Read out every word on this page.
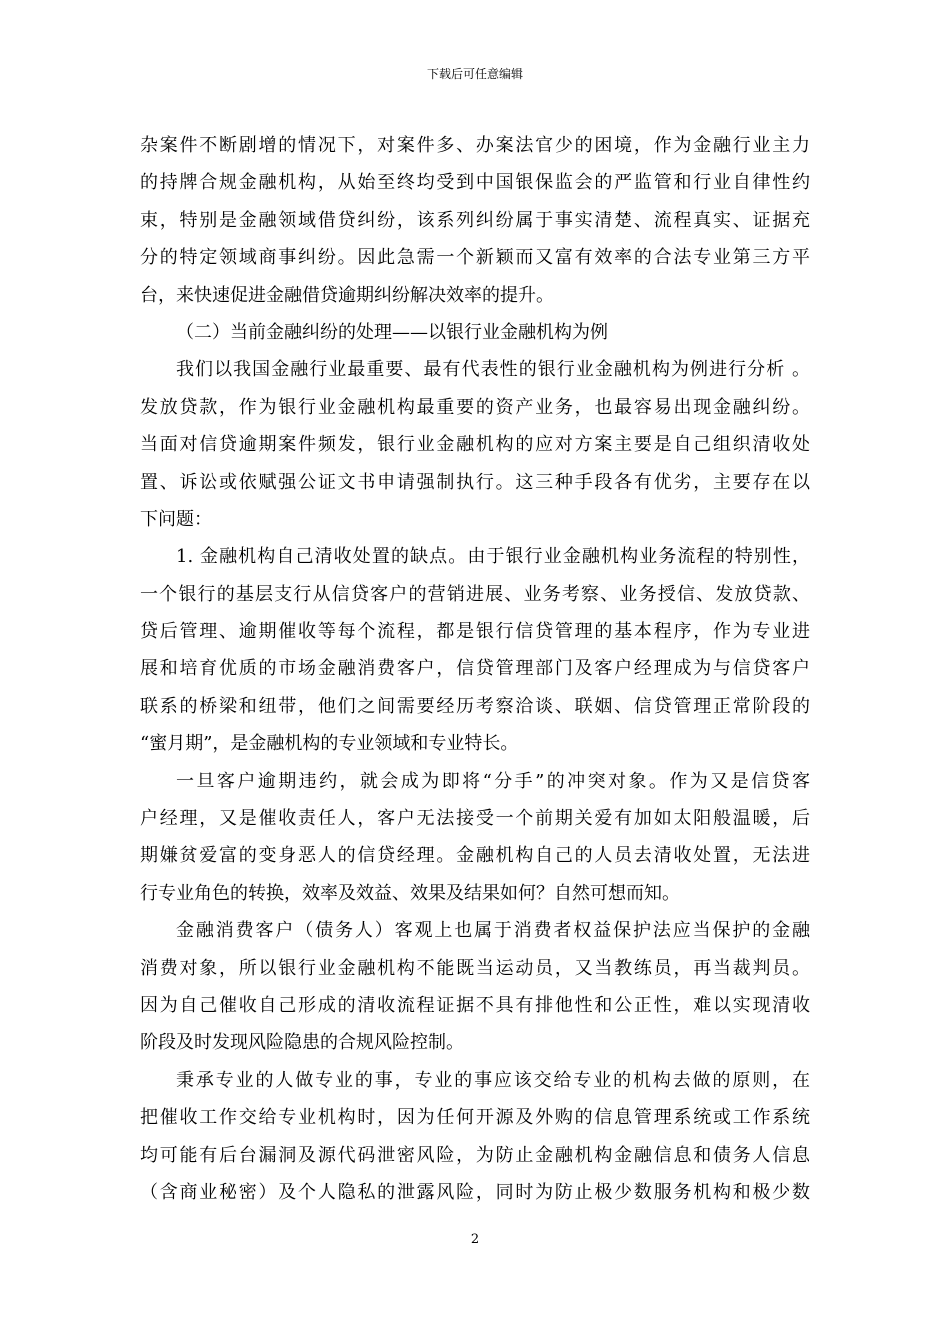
下载后可任意编辑
杂案件不断剧增的情况下，对案件多、办案法官少的困境，作为金融行业主力
的持牌合规金融机构，从始至终均受到中国银保监会的严监管和行业自律性约
束，特别是金融领域借贷纠纷，该系列纠纷属于事实清楚、流程真实、证据充
分的特定领域商事纠纷。因此急需一个新颖而又富有效率的合法专业第三方平
台，来快速促进金融借贷逾期纠纷解决效率的提升。
（二）当前金融纠纷的处理——以银行业金融机构为例
我们以我国金融行业最重要、最有代表性的银行业金融机构为例进行分析 。
发放贷款，作为银行业金融机构最重要的资产业务，也最容易出现金融纠纷。
当面对信贷逾期案件频发，银行业金融机构的应对方案主要是自己组织清收处
置、诉讼或依赋强公证文书申请强制执行。这三种手段各有优劣，主要存在以
下问题：
1. 金融机构自己清收处置的缺点。由于银行业金融机构业务流程的特别性，
一个银行的基层支行从信贷客户的营销进展、业务考察、业务授信、发放贷款、
贷后管理、逾期催收等每个流程，都是银行信贷管理的基本程序，作为专业进
展和培育优质的市场金融消费客户，信贷管理部门及客户经理成为与信贷客户
联系的桥梁和纽带，他们之间需要经历考察洽谈、联姻、信贷管理正常阶段的
“蜜月期”，是金融机构的专业领域和专业特长。
一旦客户逾期违约，就会成为即将“分手”的冲突对象。作为又是信贷客
户经理，又是催收责任人，客户无法接受一个前期关爱有加如太阳般温暖，后
期嫌贫爱富的变身恶人的信贷经理。金融机构自己的人员去清收处置，无法进
行专业角色的转换，效率及效益、效果及结果如何？自然可想而知。
金融消费客户（债务人）客观上也属于消费者权益保护法应当保护的金融
消费对象，所以银行业金融机构不能既当运动员，又当教练员，再当裁判员。
因为自己催收自己形成的清收流程证据不具有排他性和公正性，难以实现清收
阶段及时发现风险隐患的合规风险控制。
秉承专业的人做专业的事，专业的事应该交给专业的机构去做的原则，在
把催收工作交给专业机构时，因为任何开源及外购的信息管理系统或工作系统
均可能有后台漏洞及源代码泄密风险，为防止金融机构金融信息和债务人信息
（含商业秘密）及个人隐私的泄露风险，同时为防止极少数服务机构和极少数
2
